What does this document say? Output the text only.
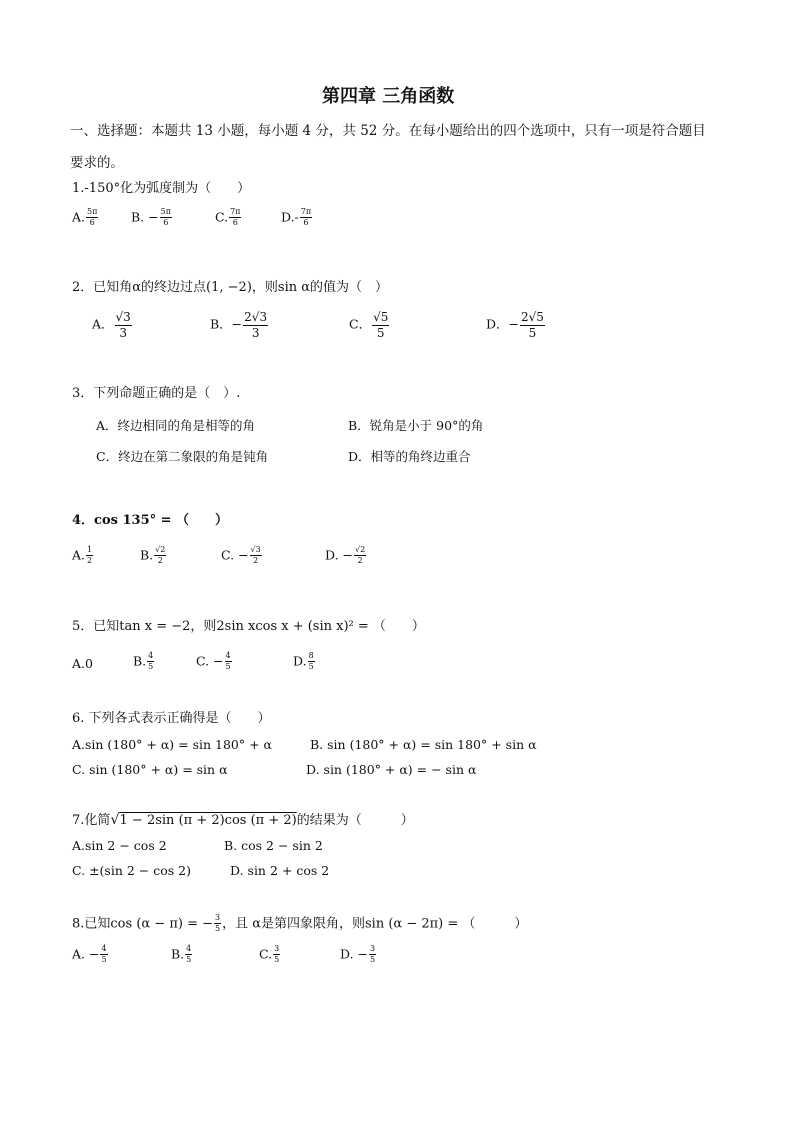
第四章 三角函数
一、选择题：本题共 13 小题，每小题 4 分，共 52 分。在每小题给出的四个选项中，只有一项是符合题目
要求的。
1.-150°化为弧度制为（　　）
A. $\frac{5\pi}{6}$	B. − $\frac{5\pi}{6}$	C. $\frac{7\pi}{6}$	$D.- \frac{7\pi}{6}$
2．已知角α的终边过点(1, −2)，则sin α的值为（　）
A． $\frac{√3}{3}$	B．− $\frac{2√3}{3}$	C． $\frac{√5}{5}$	D．− $\frac{2√5}{5}$
3．下列命题正确的是（　）.
A．终边相同的角是相等的角	B．锐角是小于 90°的角
C．终边在第二象限的角是钝角	D．相等的角终边重合
4．cos 135° = （　　）
A. $\frac{1}{2}$	B. $\frac{√2}{2}$	C. − $\frac{√3}{2}$	D. − $\frac{√2}{2}$
5．已知tan x = −2，则2sin xcos x + (sin x)² = （　　）
A.0	B. $\frac{4}{5}$	C. − $\frac{4}{5}$	D. $\frac{8}{5}$
6. 下列各式表示正确得是（　　）
A.sin (180° + α) = sin 180° + α	B. sin (180° + α) = sin 180° + sin α
C. sin (180° + α) = sin α	D. sin (180° + α) = − sin α
7.化简√1 − 2sin (π + 2)cos (π + 2)的结果为（　　　）
A.sin 2 − cos 2	B. cos 2 − sin 2
C. ±(sin 2 − cos 2)	D. sin 2 + cos 2
8.已知cos (α − π) = − $\frac{3}{5}$ ，且 α是第四象限角，则sin (α − 2π) = （　　　）
A. − $\frac{4}{5}$	B. $\frac{4}{5}$	C. $\frac{3}{5}$	D. − $\frac{3}{5}$
